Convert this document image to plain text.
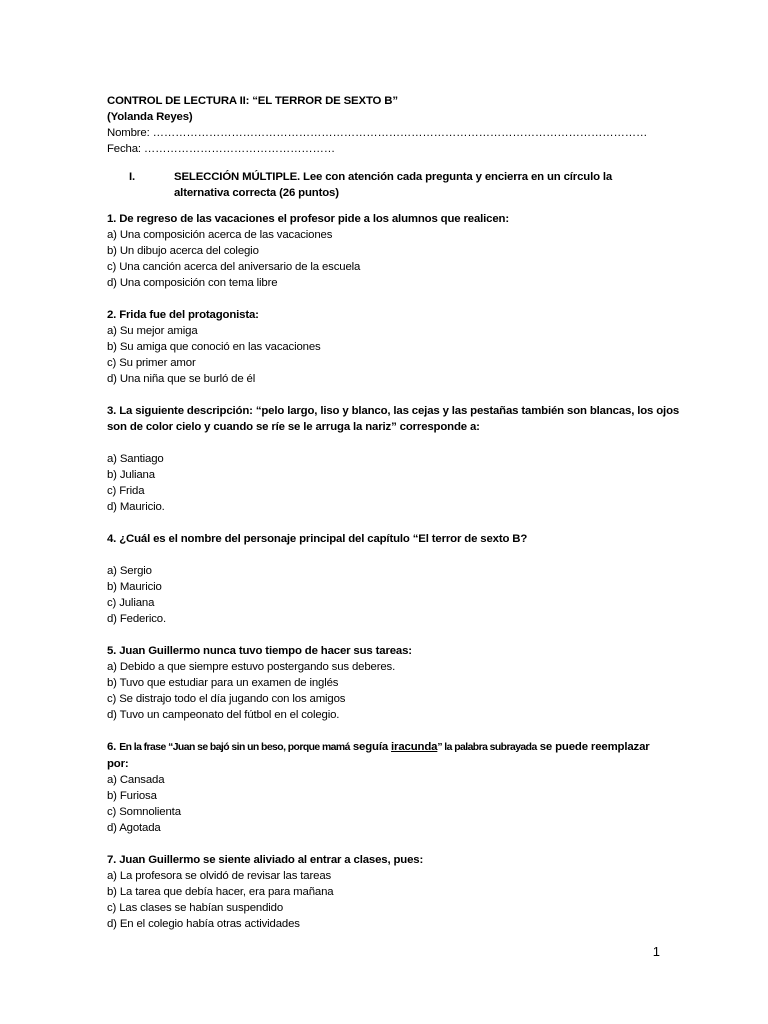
CONTROL DE LECTURA II: “EL TERROR DE SEXTO B”
(Yolanda Reyes)
Nombre: ……………………………………………………………………………………………………………………
Fecha: ……………………………………………
I.	SELECCIÓN MÚLTIPLE. Lee con atención cada pregunta y encierra en un círculo la alternativa correcta (26 puntos)
1. De regreso de las vacaciones el profesor pide a los alumnos que realicen:
a) Una composición acerca de las vacaciones
b) Un dibujo acerca del colegio
c) Una canción acerca del aniversario de la escuela
d) Una composición con tema libre
2. Frida fue del protagonista:
a) Su mejor amiga
b) Su amiga que conoció en las vacaciones
c) Su primer amor
d) Una niña que se burló de él
3. La siguiente descripción: “pelo largo, liso y blanco, las cejas y las pestañas también son blancas, los ojos
son de color cielo y cuando se ríe se le arruga la nariz” corresponde a:
a) Santiago
b) Juliana
c) Frida
d) Mauricio.
4. ¿Cuál es el nombre del personaje principal del capítulo “El terror de sexto B?
a) Sergio
b) Mauricio
c) Juliana
d) Federico.
5. Juan Guillermo nunca tuvo tiempo de hacer sus tareas:
a) Debido a que siempre estuvo postergando sus deberes.
b) Tuvo que estudiar para un examen de inglés
c) Se distrajo todo el día jugando con los amigos
d) Tuvo un campeonato del fútbol en el colegio.
6. En la frase “Juan se bajó sin un beso, porque mamá seguía iracunda” la palabra subrayada se puede reemplazar
por:
a) Cansada
b) Furiosa
c) Somnolienta
d) Agotada
7. Juan Guillermo se siente aliviado al entrar a clases, pues:
a) La profesora se olvidó de revisar las tareas
b) La tarea que debía hacer, era para mañana
c) Las clases se habían suspendido
d) En el colegio había otras actividades
1
